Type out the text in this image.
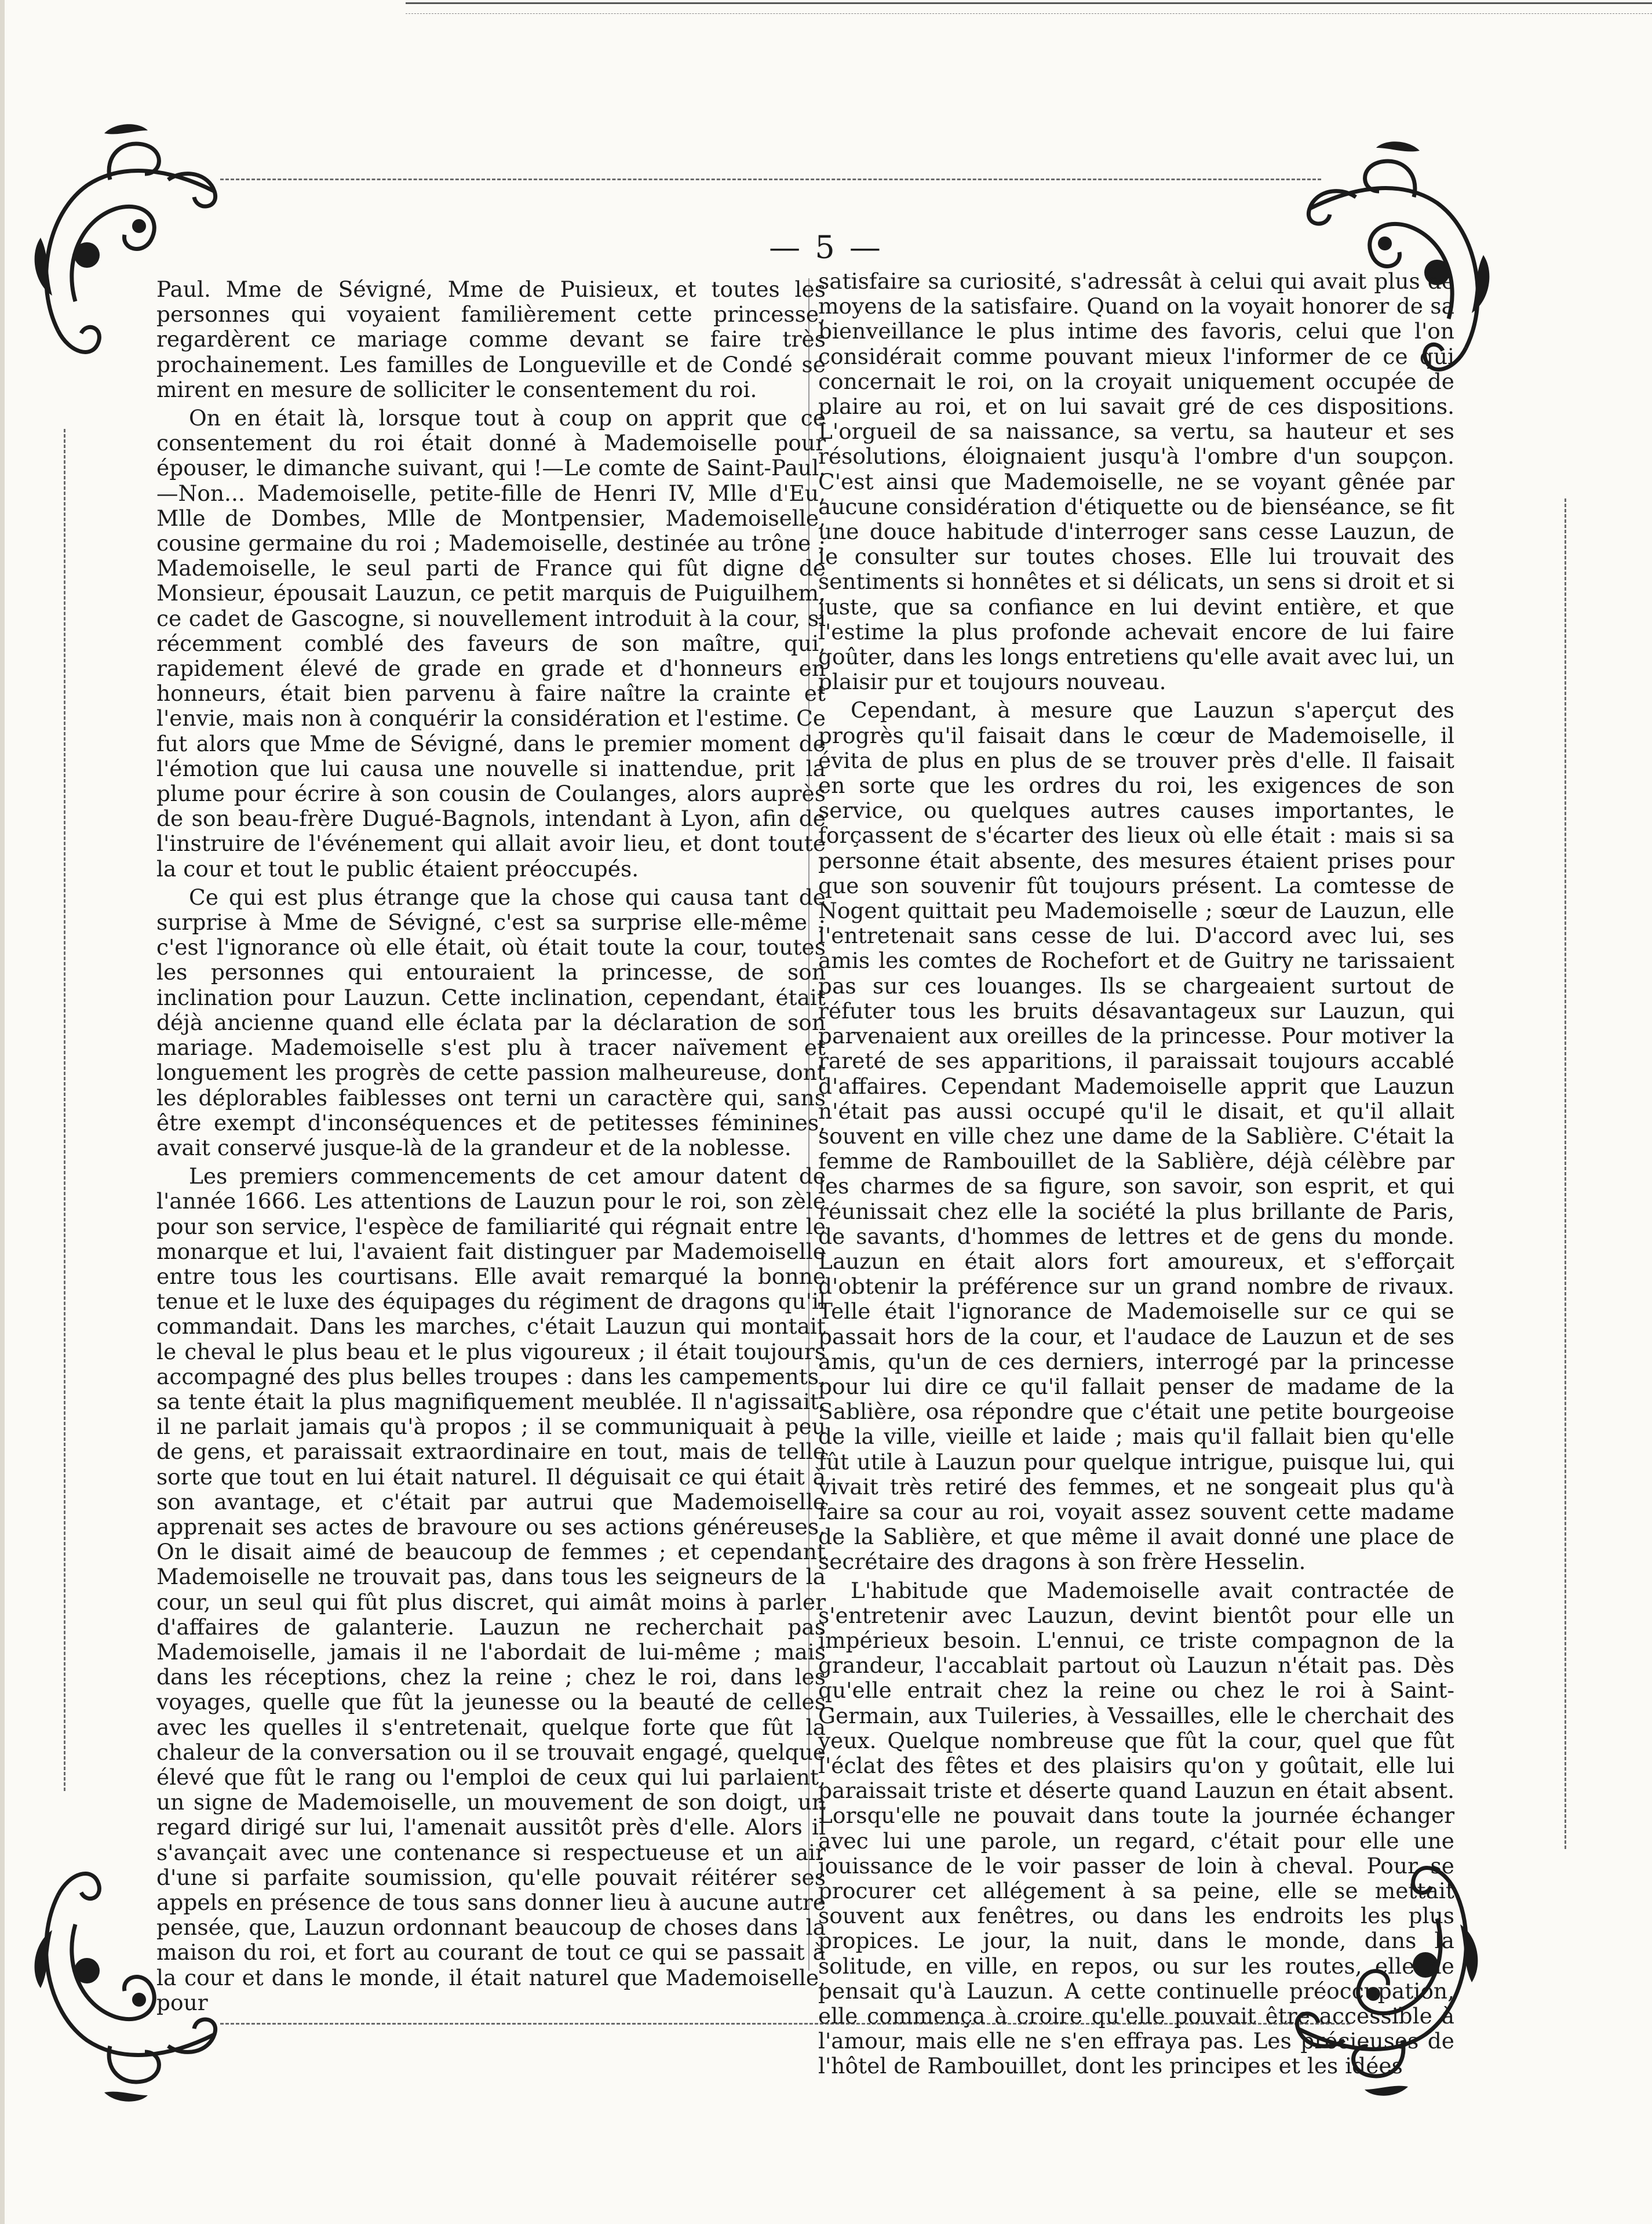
— 5 —

Paul. Mme de Sévigné, Mme de Puisieux, et toutes les personnes qui voyaient familièrement cette princesse, regardèrent ce mariage comme devant se faire très prochainement. Les familles de Longueville et de Condé se mirent en mesure de solliciter le consentement du roi.

On en était là, lorsque tout à coup on apprit que ce consentement du roi était donné à Mademoiselle pour épouser, le dimanche suivant, qui !—Le comte de Saint-Paul.—Non... Mademoiselle, petite-fille de Henri IV, Mlle d'Eu, Mlle de Dombes, Mlle de Montpensier, Mademoiselle, cousine germaine du roi ; Mademoiselle, destinée au trône ; Mademoiselle, le seul parti de France qui fût digne de Monsieur, épousait Lauzun, ce petit marquis de Puiguilhem, ce cadet de Gascogne, si nouvellement introduit à la cour, si récemment comblé des faveurs de son maître, qui, rapidement élevé de grade en grade et d'honneurs en honneurs, était bien parvenu à faire naître la crainte et l'envie, mais non à conquérir la considération et l'estime. Ce fut alors que Mme de Sévigné, dans le premier moment de l'émotion que lui causa une nouvelle si inattendue, prit la plume pour écrire à son cousin de Coulanges, alors auprès de son beau-frère Dugué-Bagnols, intendant à Lyon, afin de l'instruire de l'événement qui allait avoir lieu, et dont toute la cour et tout le public étaient préoccupés.

Ce qui est plus étrange que la chose qui causa tant de surprise à Mme de Sévigné, c'est sa surprise elle-même ; c'est l'ignorance où elle était, où était toute la cour, toutes les personnes qui entouraient la princesse, de son inclination pour Lauzun. Cette inclination, cependant, était déjà ancienne quand elle éclata par la déclaration de son mariage. Mademoiselle s'est plu à tracer naïvement et longuement les progrès de cette passion malheureuse, dont les déplorables faiblesses ont terni un caractère qui, sans être exempt d'inconséquences et de petitesses féminines, avait conservé jusque-là de la grandeur et de la noblesse.

Les premiers commencements de cet amour datent de l'année 1666. Les attentions de Lauzun pour le roi, son zèle pour son service, l'espèce de familiarité qui régnait entre le monarque et lui, l'avaient fait distinguer par Mademoiselle entre tous les courtisans. Elle avait remarqué la bonne tenue et le luxe des équipages du régiment de dragons qu'il commandait. Dans les marches, c'était Lauzun qui montait le cheval le plus beau et le plus vigoureux ; il était toujours accompagné des plus belles troupes : dans les campements, sa tente était la plus magnifiquement meublée. Il n'agissait, il ne parlait jamais qu'à propos ; il se communiquait à peu de gens, et paraissait extraordinaire en tout, mais de telle sorte que tout en lui était naturel. Il déguisait ce qui était à son avantage, et c'était par autrui que Mademoiselle apprenait ses actes de bravoure ou ses actions généreuses. On le disait aimé de beaucoup de femmes ; et cependant Mademoiselle ne trouvait pas, dans tous les seigneurs de la cour, un seul qui fût plus discret, qui aimât moins à parler d'affaires de galanterie. Lauzun ne recherchait pas Mademoiselle, jamais il ne l'abordait de lui-même ; mais dans les réceptions, chez la reine ; chez le roi, dans les voyages, quelle que fût la jeunesse ou la beauté de celles avec les quelles il s'entretenait, quelque forte que fût la chaleur de la conversation ou il se trouvait engagé, quelque élevé que fût le rang ou l'emploi de ceux qui lui parlaient, un signe de Mademoiselle, un mouvement de son doigt, un regard dirigé sur lui, l'amenait aussitôt près d'elle. Alors il s'avançait avec une contenance si respectueuse et un air d'une si parfaite soumission, qu'elle pouvait réitérer ses appels en présence de tous sans donner lieu à aucune autre pensée, que, Lauzun ordonnant beaucoup de choses dans la maison du roi, et fort au courant de tout ce qui se passait à la cour et dans le monde, il était naturel que Mademoiselle, pour

satisfaire sa curiosité, s'adressât à celui qui avait plus de moyens de la satisfaire. Quand on la voyait honorer de sa bienveillance le plus intime des favoris, celui que l'on considérait comme pouvant mieux l'informer de ce qui concernait le roi, on la croyait uniquement occupée de plaire au roi, et on lui savait gré de ces dispositions. L'orgueil de sa naissance, sa vertu, sa hauteur et ses résolutions, éloignaient jusqu'à l'ombre d'un soupçon. C'est ainsi que Mademoiselle, ne se voyant gênée par aucune considération d'étiquette ou de bienséance, se fit une douce habitude d'interroger sans cesse Lauzun, de le consulter sur toutes choses. Elle lui trouvait des sentiments si honnêtes et si délicats, un sens si droit et si juste, que sa confiance en lui devint entière, et que l'estime la plus profonde achevait encore de lui faire goûter, dans les longs entretiens qu'elle avait avec lui, un plaisir pur et toujours nouveau.

Cependant, à mesure que Lauzun s'aperçut des progrès qu'il faisait dans le cœur de Mademoiselle, il évita de plus en plus de se trouver près d'elle. Il faisait en sorte que les ordres du roi, les exigences de son service, ou quelques autres causes importantes, le forçassent de s'écarter des lieux où elle était : mais si sa personne était absente, des mesures étaient prises pour que son souvenir fût toujours présent. La comtesse de Nogent quittait peu Mademoiselle ; sœur de Lauzun, elle l'entretenait sans cesse de lui. D'accord avec lui, ses amis les comtes de Rochefort et de Guitry ne tarissaient pas sur ces louanges. Ils se chargeaient surtout de réfuter tous les bruits désavantageux sur Lauzun, qui parvenaient aux oreilles de la princesse. Pour motiver la rareté de ses apparitions, il paraissait toujours accablé d'affaires. Cependant Mademoiselle apprit que Lauzun n'était pas aussi occupé qu'il le disait, et qu'il allait souvent en ville chez une dame de la Sablière. C'était la femme de Rambouillet de la Sablière, déjà célèbre par les charmes de sa figure, son savoir, son esprit, et qui réunissait chez elle la société la plus brillante de Paris, de savants, d'hommes de lettres et de gens du monde. Lauzun en était alors fort amoureux, et s'efforçait d'obtenir la préférence sur un grand nombre de rivaux. Telle était l'ignorance de Mademoiselle sur ce qui se passait hors de la cour, et l'audace de Lauzun et de ses amis, qu'un de ces derniers, interrogé par la princesse pour lui dire ce qu'il fallait penser de madame de la Sablière, osa répondre que c'était une petite bourgeoise de la ville, vieille et laide ; mais qu'il fallait bien qu'elle fût utile à Lauzun pour quelque intrigue, puisque lui, qui vivait très retiré des femmes, et ne songeait plus qu'à faire sa cour au roi, voyait assez souvent cette madame de la Sablière, et que même il avait donné une place de secrétaire des dragons à son frère Hesselin.

L'habitude que Mademoiselle avait contractée de s'entretenir avec Lauzun, devint bientôt pour elle un impérieux besoin. L'ennui, ce triste compagnon de la grandeur, l'accablait partout où Lauzun n'était pas. Dès qu'elle entrait chez la reine ou chez le roi à Saint-Germain, aux Tuileries, à Vessailles, elle le cherchait des yeux. Quelque nombreuse que fût la cour, quel que fût l'éclat des fêtes et des plaisirs qu'on y goûtait, elle lui paraissait triste et déserte quand Lauzun en était absent. Lorsqu'elle ne pouvait dans toute la journée échanger avec lui une parole, un regard, c'était pour elle une jouissance de le voir passer de loin à cheval. Pour se procurer cet allégement à sa peine, elle se mettait souvent aux fenêtres, ou dans les endroits les plus propices. Le jour, la nuit, dans le monde, dans la solitude, en ville, en repos, ou sur les routes, elle ne pensait qu'à Lauzun. A cette continuelle préoccupation, elle commença à croire qu'elle pouvait être accessible à l'amour, mais elle ne s'en effraya pas. Les précieuses de l'hôtel de Rambouillet, dont les principes et les idées
